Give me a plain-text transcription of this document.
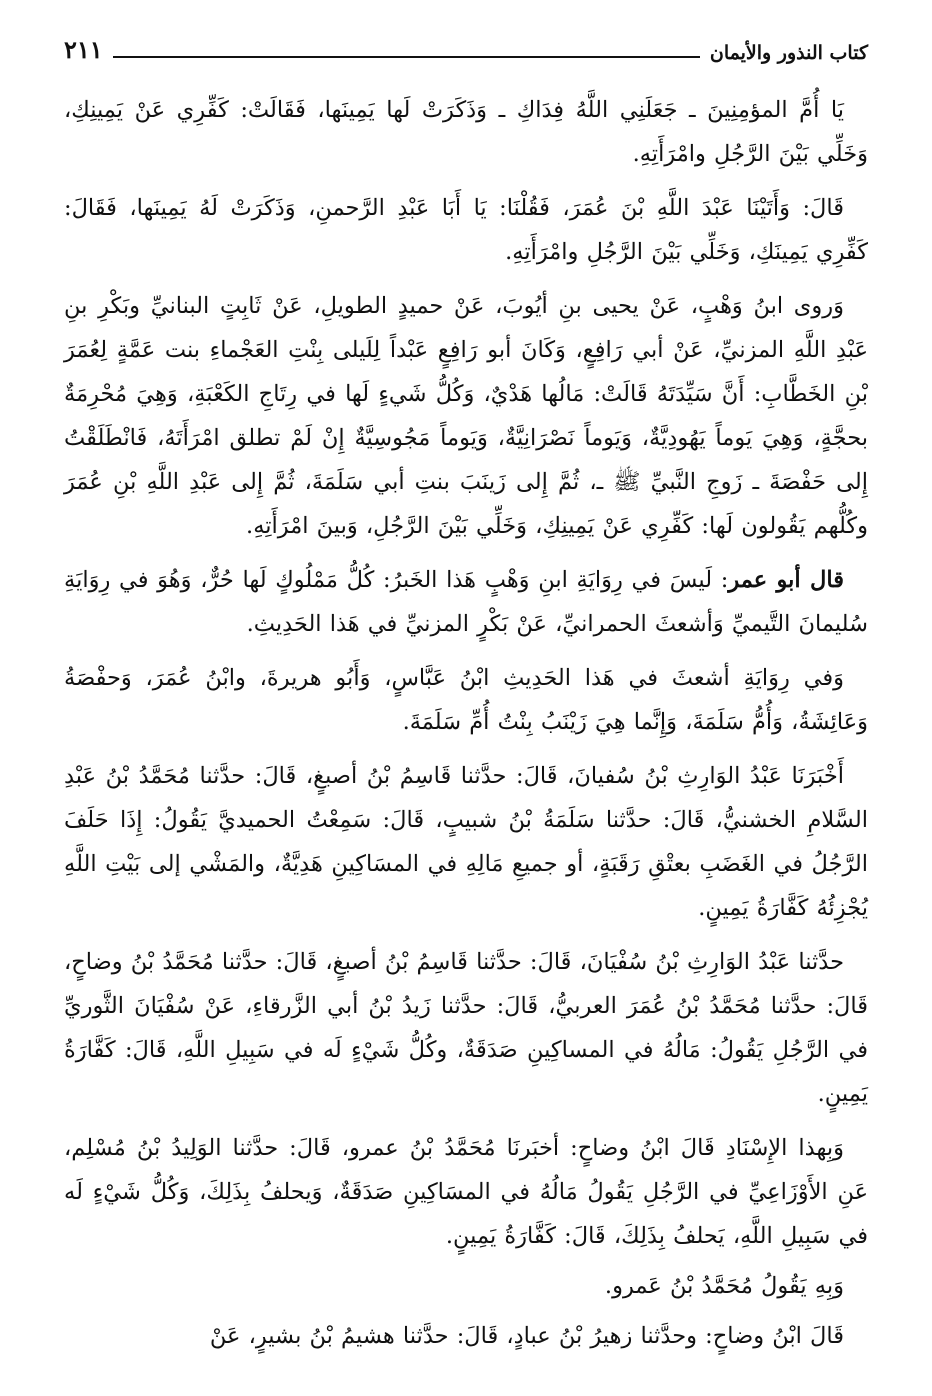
كتاب النذور والأيمان
٢١١

يَا أُمَّ المؤمِنِينَ ـ جَعَلَنِي اللَّهُ فِدَاكِ ـ وَذَكَرَتْ لَها يَمِينَها، فَقَالَتْ: كَفِّرِي عَنْ يَمِينِكِ، وَخَلِّي بَيْنَ الرَّجُلِ وامْرَأَتِهِ.

قَالَ: وَأَتَيْنَا عَبْدَ اللَّهِ بْنَ عُمَرَ، فَقُلْنَا: يَا أَبَا عَبْدِ الرَّحمنِ، وَذَكَرَتْ لَهُ يَمِينَها، فَقَالَ: كَفِّرِي يَمِينَكِ، وَخَلِّي بَيْنَ الرَّجُلِ وامْرَأَتِهِ.

وَروى ابنُ وَهْبٍ، عَنْ يحيى بنِ أيُوبَ، عَنْ حميدٍ الطويلِ، عَنْ ثَابِتٍ البنانيِّ وبَكْرِ بنِ عَبْدِ اللَّهِ المزنيِّ، عَنْ أبي رَافِعٍ، وَكَانَ أبو رَافِعٍ عَبْداً لِلَيلى بِنْتِ العَجْماءِ بنت عَمَّةٍ لِعُمَرَ بْنِ الخَطَّابِ: أَنَّ سَيِّدَتَهُ قَالَتْ: مَالُها هَدْيٌ، وَكُلُّ شَيءٍ لَها في رِتَاجِ الكَعْبَةِ، وَهِيَ مُحْرِمَةٌ بحجَّةٍ، وَهِيَ يَوماً يَهُودِيَّةٌ، وَيَوماً نَصْرَانِيَّةٌ، وَيَوماً مَجُوسِيَّةٌ إِنْ لَمْ تطلق امْرَأَتَهُ، فَانْطَلَقْتُ إِلى حَفْصَةَ ـ زَوجِ النَّبيِّ ﷺ ـ، ثُمَّ إِلى زَينَبَ بنتِ أبي سَلَمَةَ، ثُمَّ إِلى عَبْدِ اللَّهِ بْنِ عُمَرَ وكُلُّهم يَقُولون لَها: كَفِّرِي عَنْ يَمِينِكِ، وَخَلِّي بَيْنَ الرَّجُلِ، وَبينَ امْرَأَتِهِ.

قال أبو عمر: لَيسَ في رِوَايَةِ ابنِ وَهْبٍ هَذا الخَبرُ: كُلُّ مَمْلُوكٍ لَها حُرٌّ، وَهُوَ في رِوَايَةِ سُليمانَ التَّيميِّ وَأشعثَ الحمرانيِّ، عَنْ بَكْرٍ المزنيِّ في هَذا الحَدِيثِ.

وَفي رِوَايَةِ أشعثَ في هَذا الحَدِيثِ ابْنُ عَبَّاسٍ، وَأَبُو هريرةَ، وابْنُ عُمَرَ، وَحفْصَةُ وَعَائِشَةُ، وَأُمُّ سَلَمَةَ، وَإِنَّما هِيَ زَيْنَبُ بِنْتُ أُمِّ سَلَمَةَ.

أَخْبَرَنَا عَبْدُ الوَارِثِ بْنُ سُفيانَ، قَالَ: حدَّثنا قَاسِمُ بْنُ أصبغٍ، قَالَ: حدَّثنا مُحَمَّدُ بْنُ عَبْدِ السَّلامِ الخشنيُّ، قَالَ: حدَّثنا سَلَمَةُ بْنُ شبيبٍ، قَالَ: سَمِعْتُ الحميديَّ يَقُولُ: إِذَا حَلَفَ الرَّجُلُ في الغَضَبِ بعتْقِ رَقَبَةٍ، أو جميعِ مَالِهِ في المسَاكِينِ هَدِيَّةٌ، والمَشْي إلى بَيْتِ اللَّهِ يُجْزِئُهُ كَفَّارَةُ يَمِينٍ.

حدَّثنا عَبْدُ الوَارِثِ بْنُ سُفْيَانَ، قَالَ: حدَّثنا قَاسِمُ بْنُ أصبغٍ، قَالَ: حدَّثنا مُحَمَّدُ بْنُ وضاحٍ، قَالَ: حدَّثنا مُحَمَّدُ بْنُ عُمَرَ العربيُّ، قَالَ: حدَّثنا زَيدُ بْنُ أبي الزَّرقاءِ، عَنْ سُفْيَانَ الثَّوريِّ في الرَّجُلِ يَقُولُ: مَالُهُ في المساكِينِ صَدَقَةٌ، وكُلُّ شَيْءٍ لَه في سَبِيلِ اللَّهِ، قَالَ: كَفَّارَةُ يَمِينٍ.

وَبِهذا الإِسْنَادِ قَالَ ابْنُ وضاحٍ: أخبَرنَا مُحَمَّدُ بْنُ عمرو، قَالَ: حدَّثنا الوَلِيدُ بْنُ مُسْلِم، عَنِ الأَوْزَاعِيِّ في الرَّجُلِ يَقُولُ مَالُهُ في المسَاكِينِ صَدَقَةٌ، وَيحلفُ بِذَلِكَ، وَكُلُّ شَيْءٍ لَه في سَبِيلِ اللَّهِ، يَحلفُ بِذَلِكَ، قَالَ: كَفَّارَةُ يَمِينٍ.

وَبِهِ يَقُولُ مُحَمَّدُ بْنُ عَمرو.

قَالَ ابْنُ وضاحٍ: وحدَّثنا زهيرُ بْنُ عبادٍ، قَالَ: حدَّثنا هشيمُ بْنُ بشيرٍ، عَنْ
